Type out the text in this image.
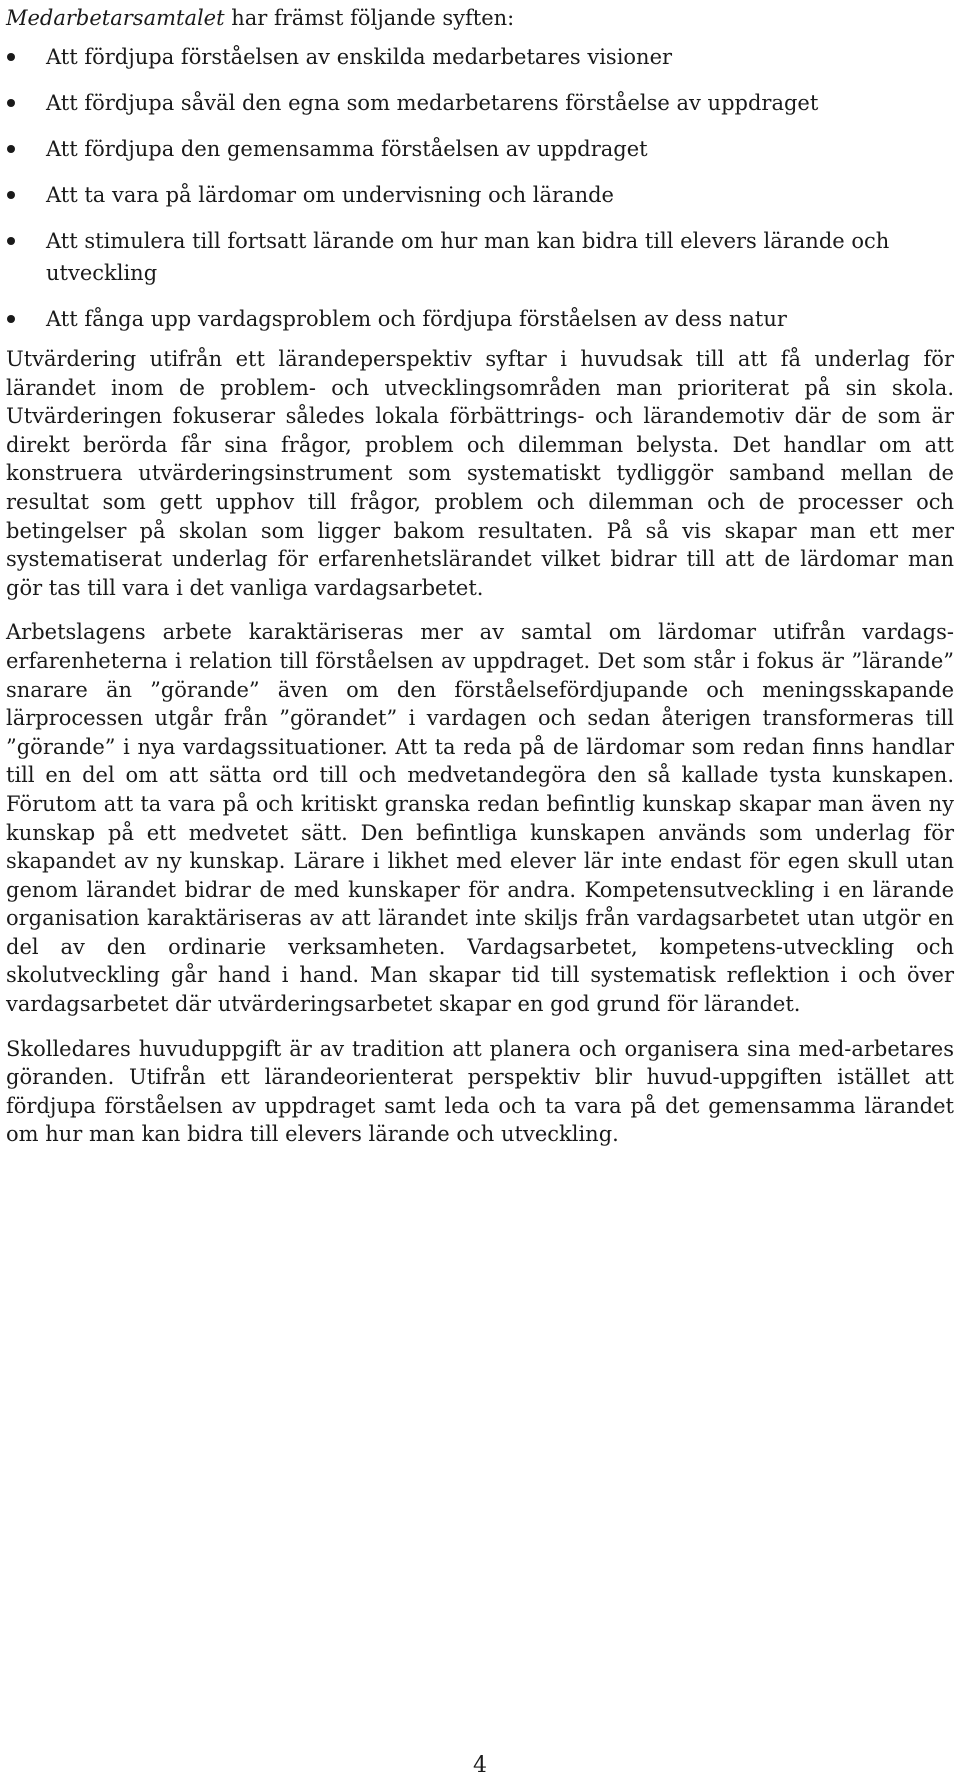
Medarbetarsamtalet har främst följande syften:

Att fördjupa förståelsen av enskilda medarbetares visioner
Att fördjupa såväl den egna som medarbetarens förståelse av uppdraget
Att fördjupa den gemensamma förståelsen av uppdraget
Att ta vara på lärdomar om undervisning och lärande
Att stimulera till fortsatt lärande om hur man kan bidra till elevers lärande och utveckling
Att fånga upp vardagsproblem och fördjupa förståelsen av dess natur

Utvärdering utifrån ett lärandeperspektiv syftar i huvudsak till att få underlag för lärandet inom de problem- och utvecklingsområden man prioriterat på sin skola. Utvärderingen fokuserar således lokala förbättrings- och lärandemotiv där de som är direkt berörda får sina frågor, problem och dilemman belysta. Det handlar om att konstruera utvärderingsinstrument som systematiskt tydliggör samband mellan de resultat som gett upphov till frågor, problem och dilemman och de processer och betingelser på skolan som ligger bakom resultaten. På så vis skapar man ett mer systematiserat underlag för erfarenhetslärandet vilket bidrar till att de lärdomar man gör tas till vara i det vanliga vardagsarbetet.

Arbetslagens arbete karaktäriseras mer av samtal om lärdomar utifrån vardags-erfarenheterna i relation till förståelsen av uppdraget. Det som står i fokus är ”lärande” snarare än ”görande” även om den förståelsefördjupande och meningsskapande lärprocessen utgår från ”görandet” i vardagen och sedan återigen transformeras till ”görande” i nya vardagssituationer. Att ta reda på de lärdomar som redan finns handlar till en del om att sätta ord till och medvetandegöra den så kallade tysta kunskapen. Förutom att ta vara på och kritiskt granska redan befintlig kunskap skapar man även ny kunskap på ett medvetet sätt. Den befintliga kunskapen används som underlag för skapandet av ny kunskap. Lärare i likhet med elever lär inte endast för egen skull utan genom lärandet bidrar de med kunskaper för andra. Kompetensutveckling i en lärande organisation karaktäriseras av att lärandet inte skiljs från vardagsarbetet utan utgör en del av den ordinarie verksamheten. Vardagsarbetet, kompetens-utveckling och skolutveckling går hand i hand. Man skapar tid till systematisk reflektion i och över vardagsarbetet där utvärderingsarbetet skapar en god grund för lärandet.

Skolledares huvuduppgift är av tradition att planera och organisera sina med-arbetares göranden. Utifrån ett lärandeorienterat perspektiv blir huvud-uppgiften istället att fördjupa förståelsen av uppdraget samt leda och ta vara på det gemensamma lärandet om hur man kan bidra till elevers lärande och utveckling.

4
